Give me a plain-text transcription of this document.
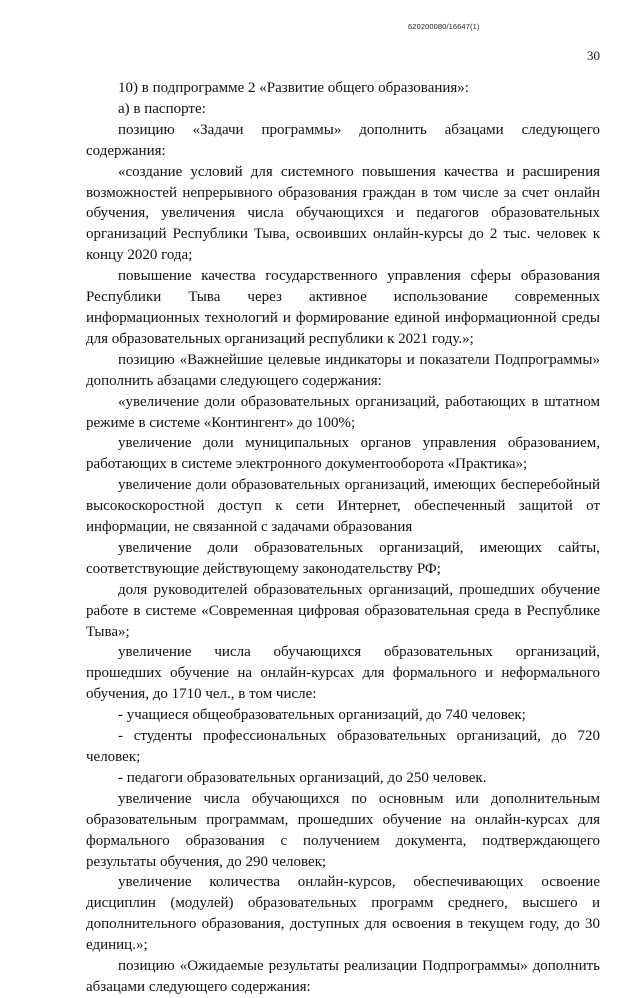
620200080/16647(1)
30

10) в подпрограмме 2 «Развитие общего образования»:

а) в паспорте:

позицию «Задачи программы» дополнить абзацами следующего содержания:

«создание условий для системного повышения качества и расширения возможностей непрерывного образования граждан в том числе за счет онлайн обучения, увеличения числа обучающихся и педагогов образовательных организаций Республики Тыва, освоивших онлайн-курсы до 2 тыс. человек к концу 2020 года;

повышение качества государственного управления сферы образования Республики Тыва через активное использование современных информационных технологий и формирование единой информационной среды для образовательных организаций республики к 2021 году.»;

позицию «Важнейшие целевые индикаторы и показатели Подпрограммы» дополнить абзацами следующего содержания:

«увеличение доли образовательных организаций, работающих в штатном режиме в системе «Контингент» до 100%;

увеличение доли муниципальных органов управления образованием, работающих в системе электронного документооборота «Практика»;

увеличение доли образовательных организаций, имеющих бесперебойный высокоскоростной доступ к сети Интернет, обеспеченный защитой от информации, не связанной с задачами образования

увеличение доли образовательных организаций, имеющих сайты, соответствующие действующему законодательству РФ;

доля руководителей образовательных организаций, прошедших обучение работе в системе «Современная цифровая образовательная среда в Республике Тыва»;

увеличение числа обучающихся образовательных организаций, прошедших обучение на онлайн-курсах для формального и неформального обучения, до 1710 чел., в том числе:

- учащиеся общеобразовательных организаций, до 740 человек;

- студенты профессиональных образовательных организаций, до 720 человек;

- педагоги образовательных организаций, до 250 человек.

увеличение числа обучающихся по основным или дополнительным образовательным программам, прошедших обучение на онлайн-курсах для формального образования с получением документа, подтверждающего результаты обучения, до 290 человек;

увеличение количества онлайн-курсов, обеспечивающих освоение дисциплин (модулей) образовательных программ среднего, высшего и дополнительного образования, доступных для освоения в текущем году, до 30 единиц.»;

позицию «Ожидаемые результаты реализации Подпрограммы» дополнить абзацами следующего содержания:
